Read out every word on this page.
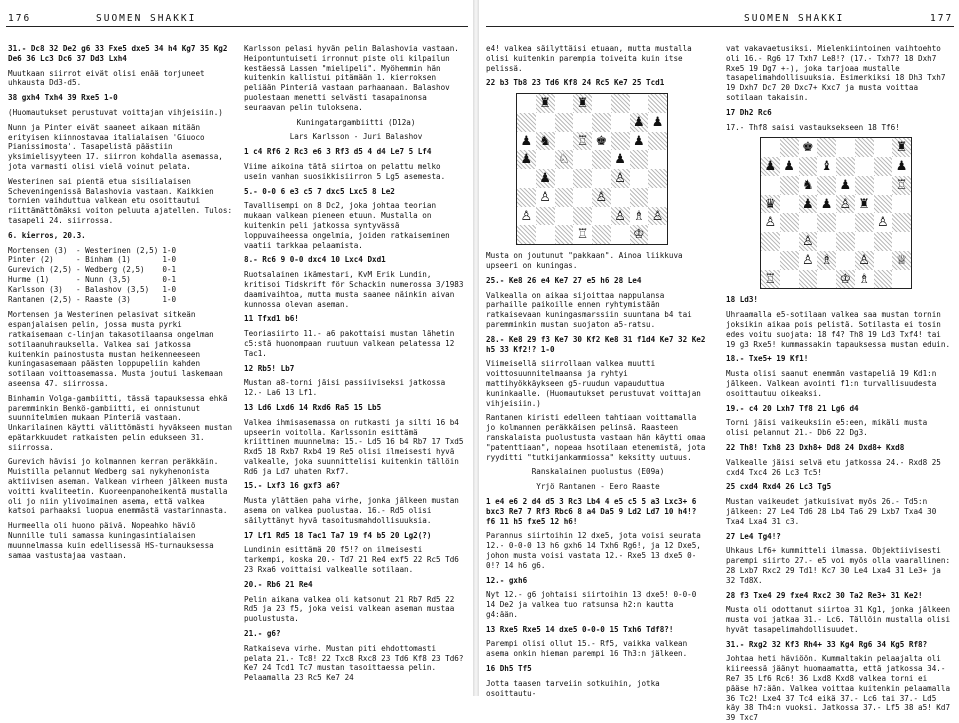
176	SUOMEN SHAKKI

31.- Dc8 32 De2 g6 33 Fxe5 dxe5 34 h4 Kg7 35 Kg2 De6 36 Lc3 Dc6 37 Dd3 Lxh4

Muutkaan siirrot eivät olisi enää torjuneet uhkausta Dd3-d5.

38 gxh4 Txh4 39 Rxe5 1-0

(Huomautukset perustuvat voittajan vihjeisiin.)

Nunn ja Pinter eivät saaneet aikaan mitään erityisen kiinnostavaa italialaisen 'Giuoco Pianissimosta'. Tasapelistä päästiin yksimielisyyteen 17. siirron kohdalla asemassa, jota varmasti olisi vielä voinut pelata.

Westerinen sai pientä etua sisilialaisen Scheveningenissä Balashovia vastaan. Kaikkien tornien vaihduttua valkean etu osoittautui riittämättömäksi voiton peluuta ajatellen. Tulos: tasapeli 24. siirrossa.

6. kierros, 20.3.

Mortensen (3)	- Westerinen (2,5)	1-0
Pinter (2)	- Binham (1)	1-0
Gurevich (2,5)	- Wedberg (2,5)	0-1
Hurme (1)	- Nunn (3,5)	0-1
Karlsson (3)	- Balashov (3,5)	1-0
Rantanen (2,5)	- Raaste (3)	1-0

Mortensen ja Westerinen pelasivat sitkeän espanjalaisen pelin, jossa musta pyrki ratkaisemaan c-linjan takasotilaansa ongelman sotilaanuhrauksella. Valkea sai jatkossa kuitenkin painostusta mustan heikenneeseen kuningasasemaan päästen loppupeliin kahden sotilaan voittoasemassa. Musta joutui laskemaan aseensa 47. siirrossa.

Binhamin Volga-gambiitti, tässä tapauksessa ehkä paremminkin Benkö-gambiitti, ei onnistunut suunnitelmien mukaan Pinteriä vastaan. Unkarilainen käytti välittömästi hyväkseen mustan epätarkkuudet ratkaisten pelin edukseen 31. siirrossa.

Gurevich hävisi jo kolmannen kerran peräkkäin. Muistilla pelannut Wedberg sai nykyhenonista aktiivisen aseman. Valkean virheen jälkeen musta voitti kvaliteetin. Kuoreenpanoheikentä mustalla oli jo niin ylivoimainen asema, että valkea katsoi parhaaksi luopua enemmästä vastarinnasta.

Hurmeella oli huono päivä. Nopeahko häviö Nunnille tuli samassa kuningasintialaisen muunnelmassa kuin edellisessä HS-turnauksessa samaa vastustajaa vastaan.

Karlsson pelasi hyvän pelin Balashovia vastaan. Heipontuntuiseti irronnut piste oli kilpailun kestäessä Lassen "mielipeli". Myöhemmin hän kuitenkin kallistui pitämään 1. kierroksen peliään Pinteriä vastaan parhaanaan. Balashov puolestaan menetti selvästi tasapainonsa seuraavan pelin tuloksena.

Kuningatargambiitti (D12a)

Lars Karlsson - Juri Balashov

1 c4 Rf6 2 Rc3 e6 3 Rf3 d5 4 d4 Le7 5 Lf4

Viime aikoina tätä siirtoa on pelattu melko usein vanhan suosikkisiirron 5 Lg5 asemesta.

5.- 0-0 6 e3 c5 7 dxc5 Lxc5 8 Le2

Tavallisempi on 8 Dc2, joka johtaa teorian mukaan valkean pieneen etuun. Mustalla on kuitenkin peli jatkossa syntyvässä loppuvaiheessa ongelmia, joiden ratkaiseminen vaatii tarkkaa pelaamista.

8.- Rc6 9 0-0 dxc4 10 Lxc4 Dxd1

Ruotsalainen ikämestari, KvM Erik Lundin, kritisoi Tidskrift för Schackin numerossa 3/1983 daamivaihtoa, mutta musta saanee näinkin aivan kunnossa olevan aseman.

11 Tfxd1 b6!

Teoriasiirto 11.- a6 pakottaisi mustan lähetin c5:stä huonompaan ruutuun valkean pelatessa 12 Tac1.

12 Rb5! Lb7

Mustan a8-torni jäisi passiiviseksi jatkossa 12.- La6 13 Lf1.

13 Ld6 Lxd6 14 Rxd6 Ra5 15 Lb5

Valkea ihmisasemassa on rutkasti ja silti 16 b4 upseerin voitolla. Karlssonin esittämä kriittinen muunnelma: 15.- Ld5 16 b4 Rb7 17 Txd5 Rxd5 18 Rxb7 Rxb4 19 Re5 olisi ilmeisesti hyvä valkealle, joka suunnittelisi kuitenkin tällöin Rd6 ja Ld7 uhaten Rxf7.

15.- Lxf3 16 gxf3 a6?

Musta ylättäen paha virhe, jonka jälkeen mustan asema on valkea puolustaa. 16.- Rd5 olisi säilyttänyt hyvä tasoitusmahdollisuuksia.

17 Lf1 Rd5 18 Tac1 Ta7 19 f4 b5 20 Lg2(?)

Lundinin esittämä 20 f5!? on ilmeisesti tarkempi, koska 20.- Td7 21 Re4 exf5 22 Rc5 Td6 23 Rxa6 voittaisi valkealle sotilaan.

20.- Rb6 21 Re4

Pelin aikana valkea oli katsonut 21 Rb7 Rd5 22 Rd5 ja 23 f5, joka veisi valkean aseman mustaa puolustusta.

21.- g6?

Ratkaiseva virhe. Mustan piti ehdottomasti pelata 21.- Tc8! 22 Txc8 Rxc8 23 Td6 Kf8 23 Td6? Ke7 24 Tcd1 Tc7 mustan tasoittaessa pelin. Pelaamalla 23 Rc5 Ke7 24

SUOMEN SHAKKI	177

e4! valkea säilyttäisi etuaan, mutta mustalla olisi kuitenkin parempia toiveita kuin itse pelissä.

22 b3 Tb8 23 Td6 Kf8 24 Rc5 Ke7 25 Tcd1

♜ ♜
♟ ♟
♟ ♞ ♖ ♚ ♟
♟ ♘	♟
♟	♙
♙	♙
♙	♙ ♗ ♙
♖	♔

Musta on joutunut "pakkaan". Ainoa liikkuva upseeri on kuningas.

25.- Ke8 26 e4 Ke7 27 e5 h6 28 Le4

Valkealla on aikaa sijoittaa nappulansa parhaille paikoille ennen ryhtymistään ratkaisevaan kuningasmarssiin suuntana b4 tai paremminkin mustan suojaton a5-ratsu.

28.- Ke8 29 f3 Ke7 30 Kf2 Ke8 31 f1d4 Ke7 32 Ke2 h5 33 Kf2!? 1-0

Viimeisellä siirrollaan valkea muutti voittosuunnitelmaansa ja ryhtyi mattihyökkäykseen g5-ruudun vapauduttua kuninkaalle. (Huomautukset perustuvat voittajan vihjeisiin.)

Rantanen kiristi edelleen tahtiaan voittamalla jo kolmannen peräkkäisen pelinsä. Raasteen ranskalaista puolustusta vastaan hän käytti omaa "patenttiaan", nopeaa hsotilaan etenemistä, jota ryyditti "tutkijankammiossa" keksitty uutuus.

Ranskalainen puolustus (E09a)

Yrjö Rantanen - Eero Raaste

1 e4 e6 2 d4 d5 3 Rc3 Lb4 4 e5 c5 5 a3 Lxc3+ 6 bxc3 Re7 7 Rf3 Rbc6 8 a4 Da5 9 Ld2 Ld7 10 h4!? f6 11 h5 fxe5 12 h6!

Parannus siirtoihin 12 dxe5, jota voisi seurata 12.- 0-0-0 13 h6 gxh6 14 Txh6 Rg6!, ja 12 Dxe5, johon musta voisi vastata 12.- Rxe5 13 dxe5 0-0!? 14 h6 g6.

12.- gxh6

Nyt 12.- g6 johtaisi siirtoihin 13 dxe5! 0-0-0 14 De2 ja valkea tuo ratsunsa h2:n kautta g4:ään.

13 Rxe5 Rxe5 14 dxe5 0-0-0 15 Txh6 Tdf8?!

Parempi olisi ollut 15.- Rf5, vaikka valkean asema onkin hieman parempi 16 Th3:n jälkeen.

16 Dh5 Tf5

Jotta taasen tarveiin sotkuihin, jotka osoittautu-

vat vakavaetusiksi. Mielenkiintoinen vaihtoehto oli 16.- Rg6 17 Txh7 Le8!? (17.- Txh7? 18 Dxh7 Rxe5 19 Dg7 +-), joka tarjoaa mustalle tasapelimahdollisuuksia. Esimerkiksi 18 Dh3 Txh7 19 Dxh7 Dc7 20 Dxc7+ Kxc7 ja musta voittaa sotilaan takaisin.

17 Dh2 Rc6

17.- Thf8 saisi vastauksekseen 18 Tf6!

♚	♜
♟ ♟ ♝	♟
♞ ♟	♖
♛ ♟ ♟ ♙ ♜
♙	♙
♙
♙ ♗ ♙ ♕
♖	♔ ♗

18 Ld3!

Uhraamalla e5-sotilaan valkea saa mustan tornin joksikin aikaa pois pelistä. Sotilasta ei tosin edes voitu suojata: 18 f4? Th8 19 Ld3 Txf4! tai 19 g3 Rxe5! kummassakin tapauksessa mustan eduin.

18.- Txe5+ 19 Kf1!

Musta olisi saanut enemmän vastapeliä 19 Kd1:n jälkeen. Valkean avointi f1:n turvallisuudesta osoittautuu oikeaksi.

19.- c4 20 Lxh7 Tf8 21 Lg6 d4

Torni jäisi vaikeuksiin e5:een, mikäli musta olisi pelannut 21.- Db6 22 Dg3.

22 Th8! Txh8 23 Dxh8+ Dd8 24 Dxd8+ Kxd8

Valkealle jäisi selvä etu jatkossa 24.- Rxd8 25 cxd4 Txc4 26 Lc3 Tc5!

25 cxd4 Rxd4 26 Lc3 Tg5

Mustan vaikeudet jatkuisivat myös 26.- Td5:n jälkeen: 27 Le4 Td6 28 Lb4 Ta6 29 Lxb7 Txa4 30 Txa4 Lxa4 31 c3.

27 Le4 Tg4!?

Uhkaus Lf6+ kummitteli ilmassa. Objektiivisesti parempi siirto 27.- e5 voi myös olla vaarallinen: 28 Lxb7 Rxc2 29 Td1! Kc7 30 Le4 Lxa4 31 Le3+ ja 32 Td8X.

28 f3 Txe4 29 fxe4 Rxc2 30 Ta2 Re3+ 31 Ke2!

Musta oli odottanut siirtoa 31 Kg1, jonka jälkeen musta voi jatkaa 31.- Lc6. Tällöin mustalla olisi hyvät tasapelimahdollisuudet.

31.- Rxg2 32 Kf3 Rh4+ 33 Kg4 Rg6 34 Kg5 Rf8?

Johtaa heti häviöön. Kummaltakin pelaajalta oli kiireessä jäänyt huomaamatta, että jatkossa 34.- Re7 35 Lf6 Rc6! 36 Lxd8 Kxd8 valkea torni ei pääse h7:ään. Valkea voittaa kuitenkin pelaamalla 36 Tc2! Lxe4 37 Tc4 eikä 37.- Lc6 tai 37.- Ld5 käy 38 Th4:n vuoksi. Jatkossa 37.- Lf5 38 a5! Kd7 39 Txc7
